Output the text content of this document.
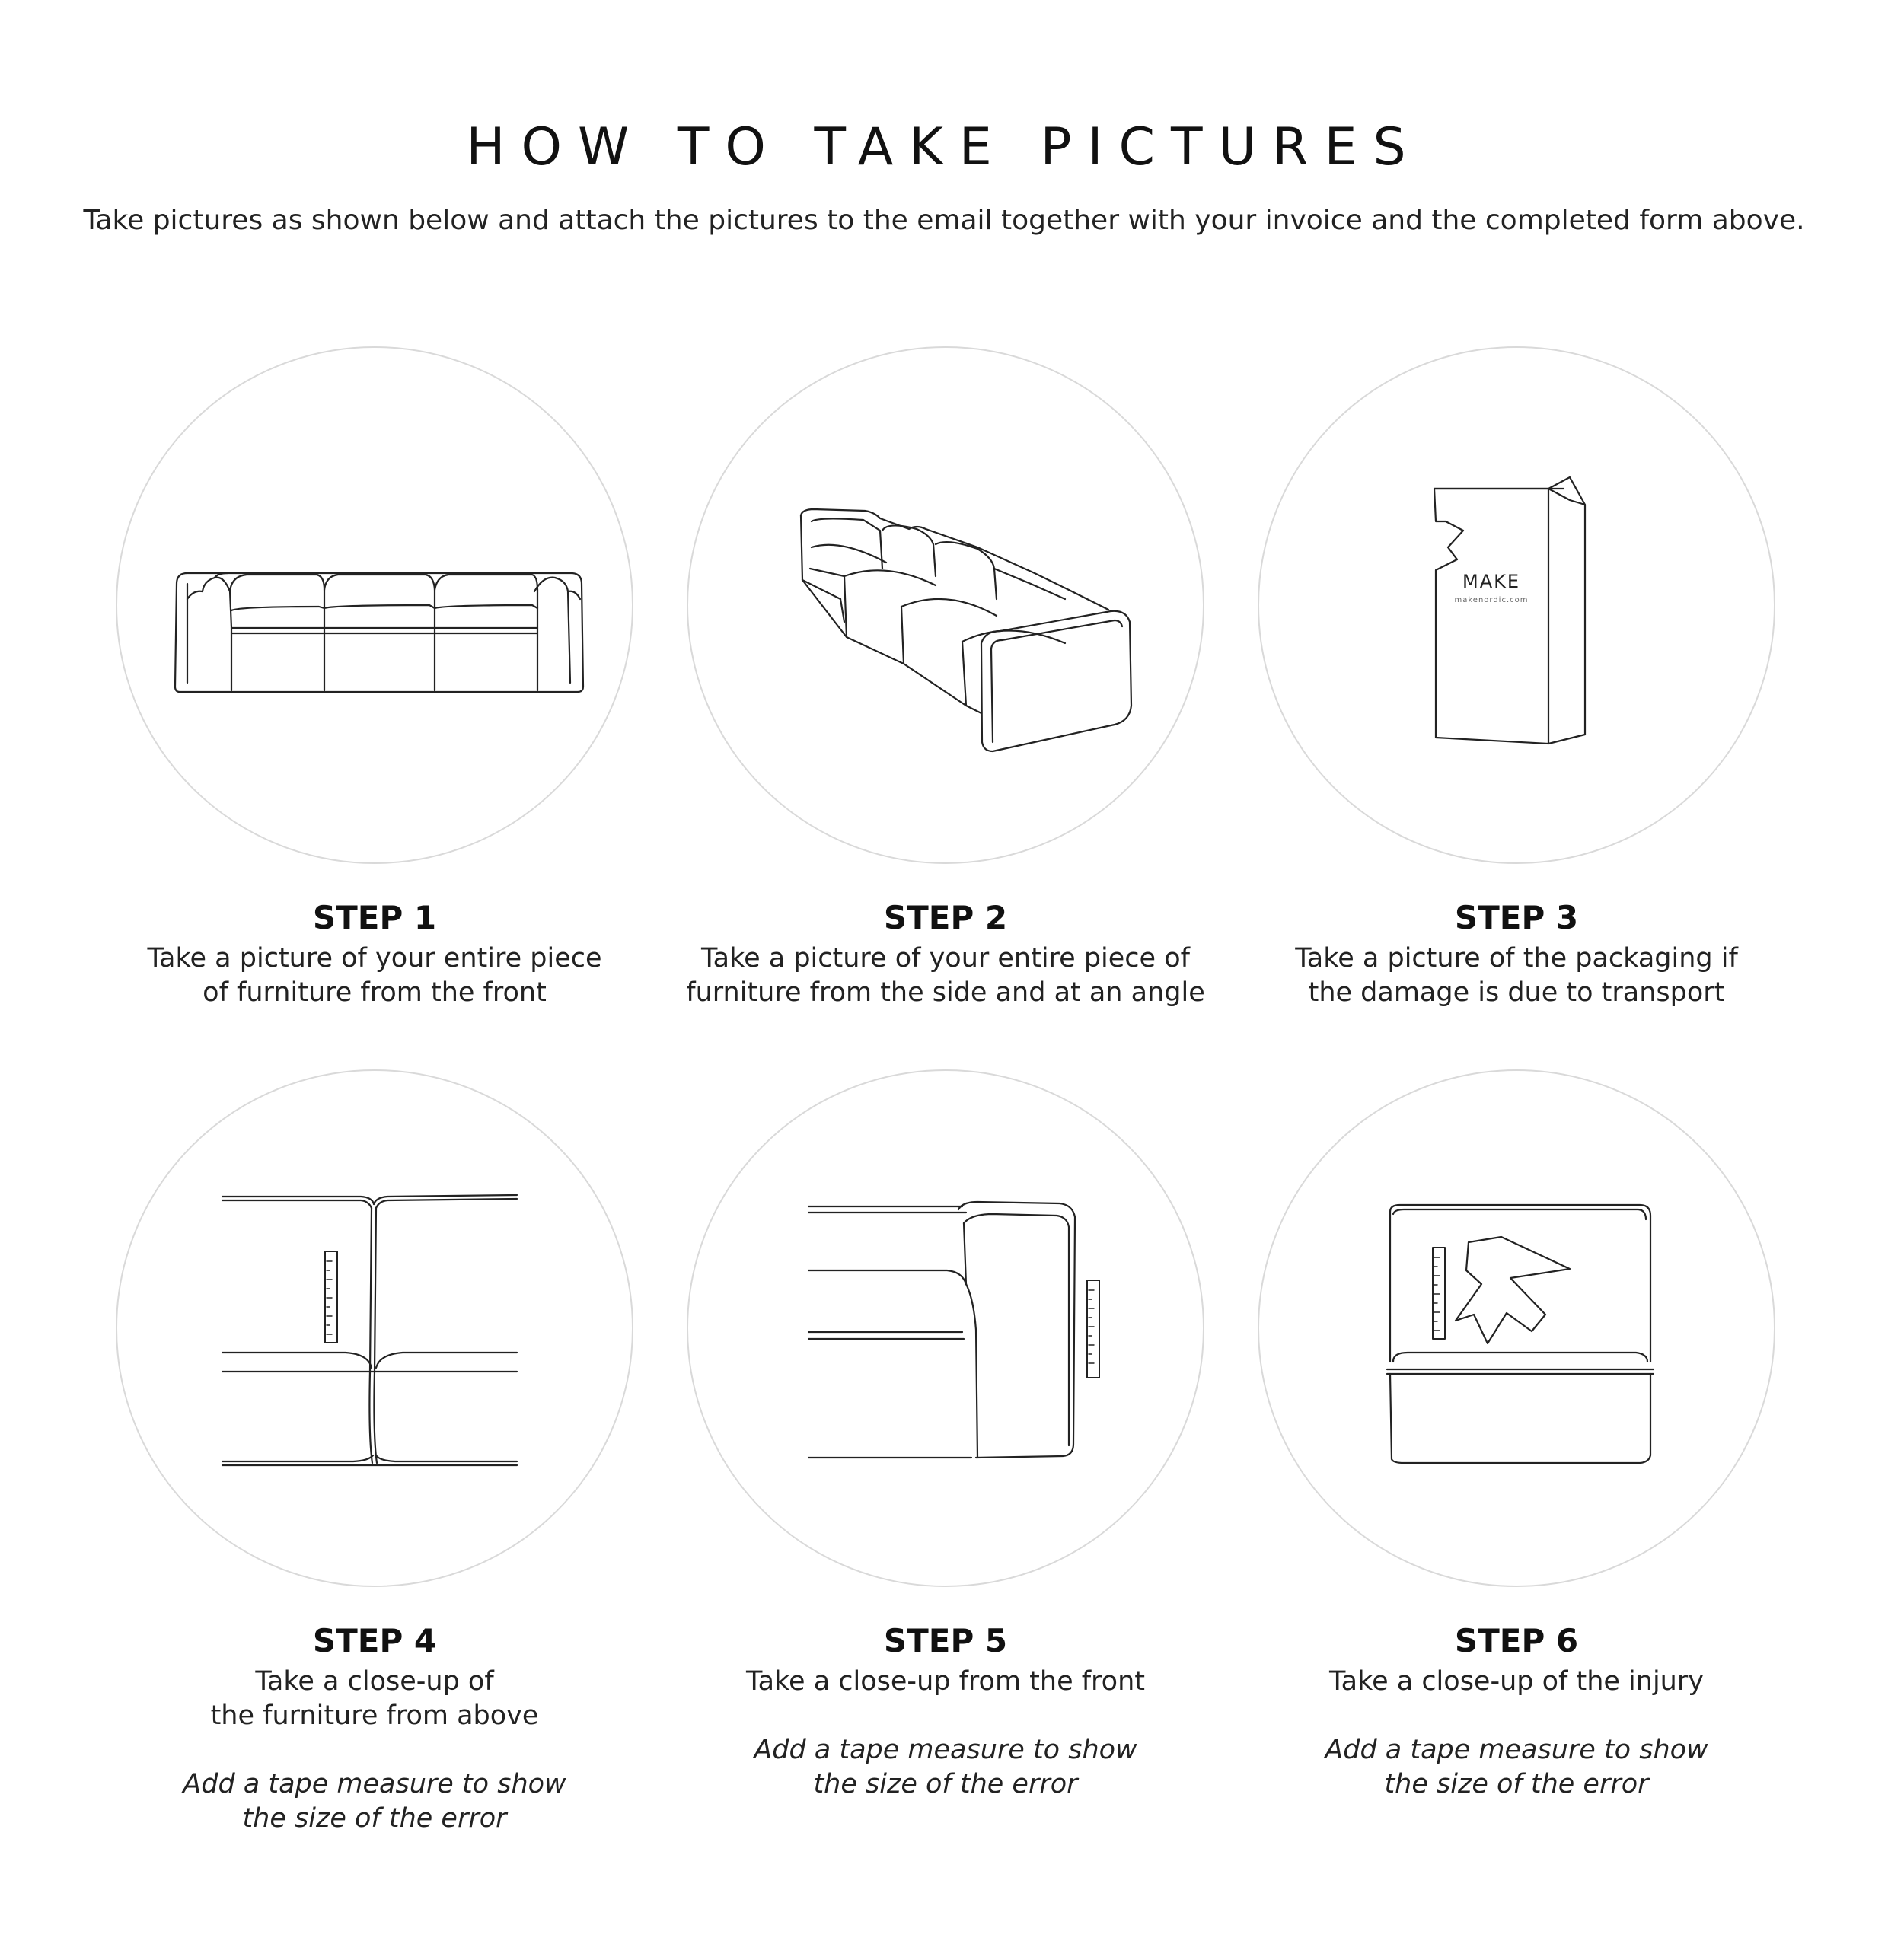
HOW TO TAKE PICTURES
Take pictures as shown below and attach the pictures to the email together with your invoice and the completed form above.
MAKE
makenordic.com
STEP 1
Take a picture of your entire piece
of furniture from the front
STEP 2
Take a picture of your entire piece of
furniture from the side and at an angle
STEP 3
Take a picture of the packaging if
the damage is due to transport
STEP 4
Take a close-up of
the furniture from above
Add a tape measure to show
the size of the error
STEP 5
Take a close-up from the front
Add a tape measure to show
the size of the error
STEP 6
Take a close-up of the injury
Add a tape measure to show
the size of the error
